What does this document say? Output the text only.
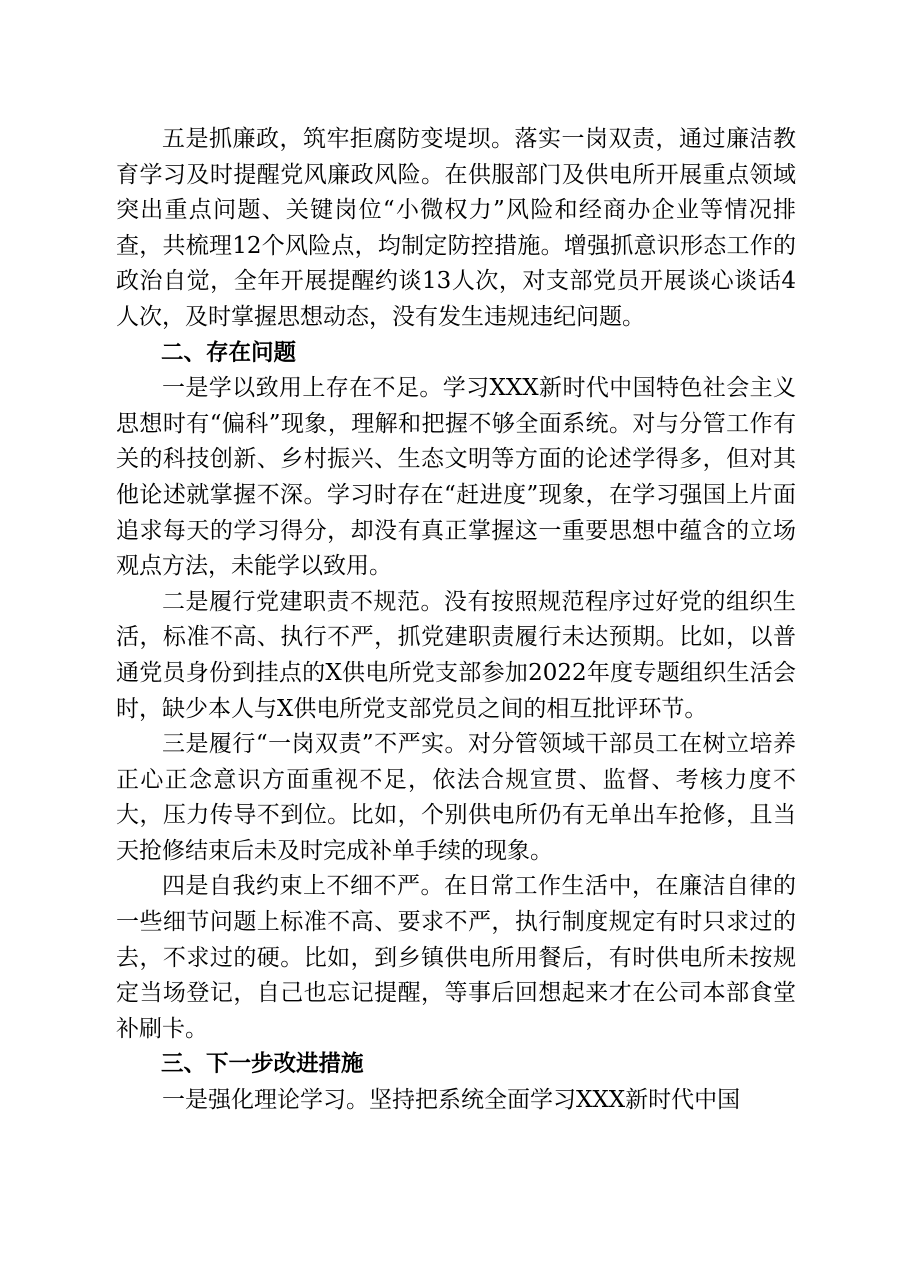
五是抓廉政，筑牢拒腐防变堤坝。落实一岗双责，通过廉洁教育学习及时提醒党风廉政风险。在供服部门及供电所开展重点领域突出重点问题、关键岗位“小微权力”风险和经商办企业等情况排查，共梳理12个风险点，均制定防控措施。增强抓意识形态工作的政治自觉，全年开展提醒约谈13人次，对支部党员开展谈心谈话4人次，及时掌握思想动态，没有发生违规违纪问题。

二、存在问题

一是学以致用上存在不足。学习XXX新时代中国特色社会主义思想时有“偏科”现象，理解和把握不够全面系统。对与分管工作有关的科技创新、乡村振兴、生态文明等方面的论述学得多，但对其他论述就掌握不深。学习时存在“赶进度”现象，在学习强国上片面追求每天的学习得分，却没有真正掌握这一重要思想中蕴含的立场观点方法，未能学以致用。

二是履行党建职责不规范。没有按照规范程序过好党的组织生活，标准不高、执行不严，抓党建职责履行未达预期。比如，以普通党员身份到挂点的X供电所党支部参加2022年度专题组织生活会时，缺少本人与X供电所党支部党员之间的相互批评环节。

三是履行“一岗双责”不严实。对分管领域干部员工在树立培养正心正念意识方面重视不足，依法合规宣贯、监督、考核力度不大，压力传导不到位。比如，个别供电所仍有无单出车抢修，且当天抢修结束后未及时完成补单手续的现象。

四是自我约束上不细不严。在日常工作生活中，在廉洁自律的一些细节问题上标准不高、要求不严，执行制度规定有时只求过的去，不求过的硬。比如，到乡镇供电所用餐后，有时供电所未按规定当场登记，自己也忘记提醒，等事后回想起来才在公司本部食堂补刷卡。

三、下一步改进措施

一是强化理论学习。坚持把系统全面学习XXX新时代中国
